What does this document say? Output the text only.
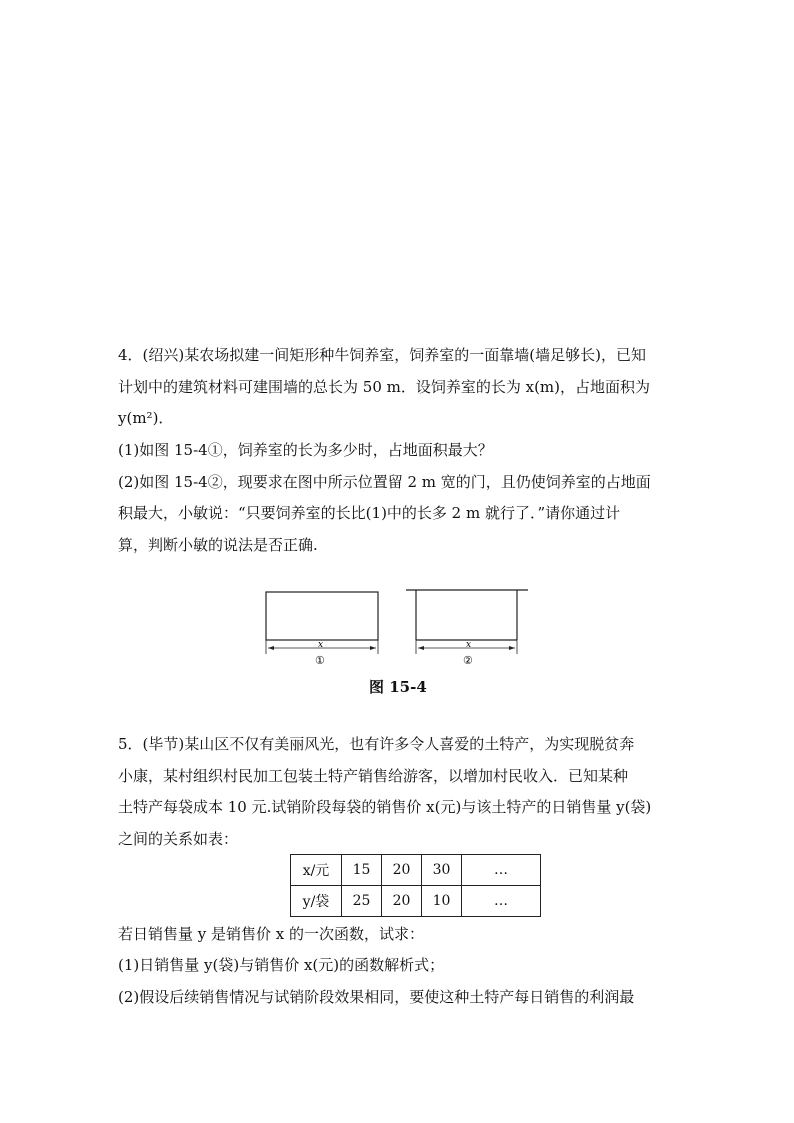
4．(绍兴)某农场拟建一间矩形种牛饲养室，饲养室的一面靠墙(墙足够长)，已知
计划中的建筑材料可建围墙的总长为 50 m．设饲养室的长为 x(m)，占地面积为
y(m²)．
(1)如图 15-4①，饲养室的长为多少时，占地面积最大？
(2)如图 15-4②，现要求在图中所示位置留 2 m 宽的门，且仍使饲养室的占地面
积最大，小敏说：“只要饲养室的长比(1)中的长多 2 m 就行了．”请你通过计
算，判断小敏的说法是否正确.
x
①
x
②
图 15-4
5．(毕节)某山区不仅有美丽风光，也有许多令人喜爱的土特产，为实现脱贫奔
小康，某村组织村民加工包装土特产销售给游客，以增加村民收入．已知某种
土特产每袋成本 10 元.试销阶段每袋的销售价 x(元)与该土特产的日销售量 y(袋)
之间的关系如表：
x/元	15	20	30	…
y/袋	25	20	10	…
若日销售量 y 是销售价 x 的一次函数，试求：
(1)日销售量 y(袋)与销售价 x(元)的函数解析式；
(2)假设后续销售情况与试销阶段效果相同，要使这种土特产每日销售的利润最
